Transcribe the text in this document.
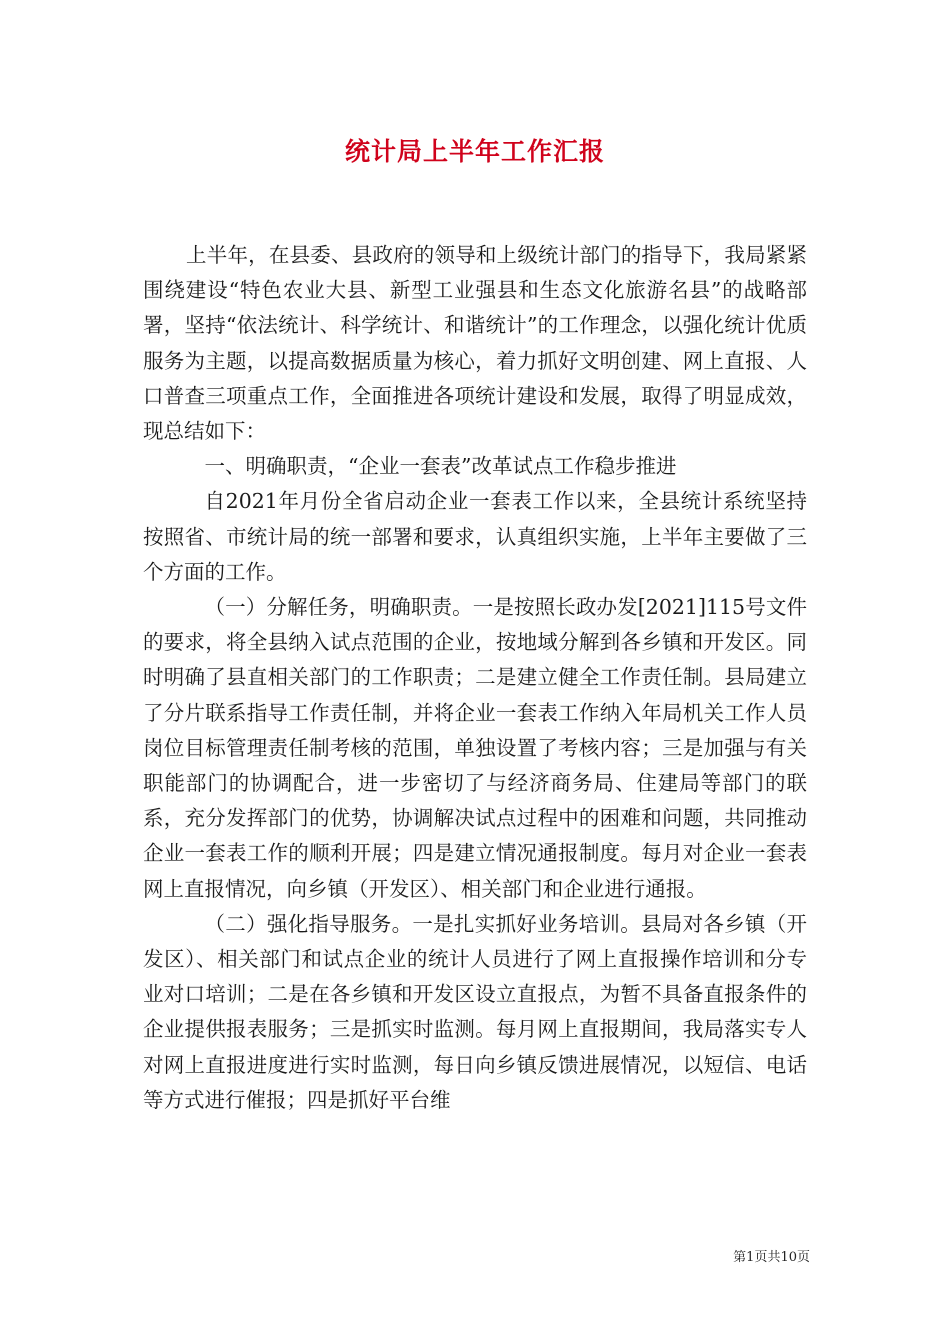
统计局上半年工作汇报

上半年，在县委、县政府的领导和上级统计部门的指导下，我局紧紧围绕建设“特色农业大县、新型工业强县和生态文化旅游名县”的战略部署，坚持“依法统计、科学统计、和谐统计”的工作理念，以强化统计优质服务为主题，以提高数据质量为核心，着力抓好文明创建、网上直报、人口普查三项重点工作，全面推进各项统计建设和发展，取得了明显成效，现总结如下：

一、明确职责，“企业一套表”改革试点工作稳步推进

自2021年月份全省启动企业一套表工作以来，全县统计系统坚持按照省、市统计局的统一部署和要求，认真组织实施，上半年主要做了三个方面的工作。

（一）分解任务，明确职责。一是按照长政办发[2021]115号文件的要求，将全县纳入试点范围的企业，按地域分解到各乡镇和开发区。同时明确了县直相关部门的工作职责；二是建立健全工作责任制。县局建立了分片联系指导工作责任制，并将企业一套表工作纳入年局机关工作人员岗位目标管理责任制考核的范围，单独设置了考核内容；三是加强与有关职能部门的协调配合，进一步密切了与经济商务局、住建局等部门的联系，充分发挥部门的优势，协调解决试点过程中的困难和问题，共同推动企业一套表工作的顺利开展；四是建立情况通报制度。每月对企业一套表网上直报情况，向乡镇（开发区）、相关部门和企业进行通报。

（二）强化指导服务。一是扎实抓好业务培训。县局对各乡镇（开发区）、相关部门和试点企业的统计人员进行了网上直报操作培训和分专业对口培训；二是在各乡镇和开发区设立直报点，为暂不具备直报条件的企业提供报表服务；三是抓实时监测。每月网上直报期间，我局落实专人对网上直报进度进行实时监测，每日向乡镇反馈进展情况，以短信、电话等方式进行催报；四是抓好平台维

第1页共10页
